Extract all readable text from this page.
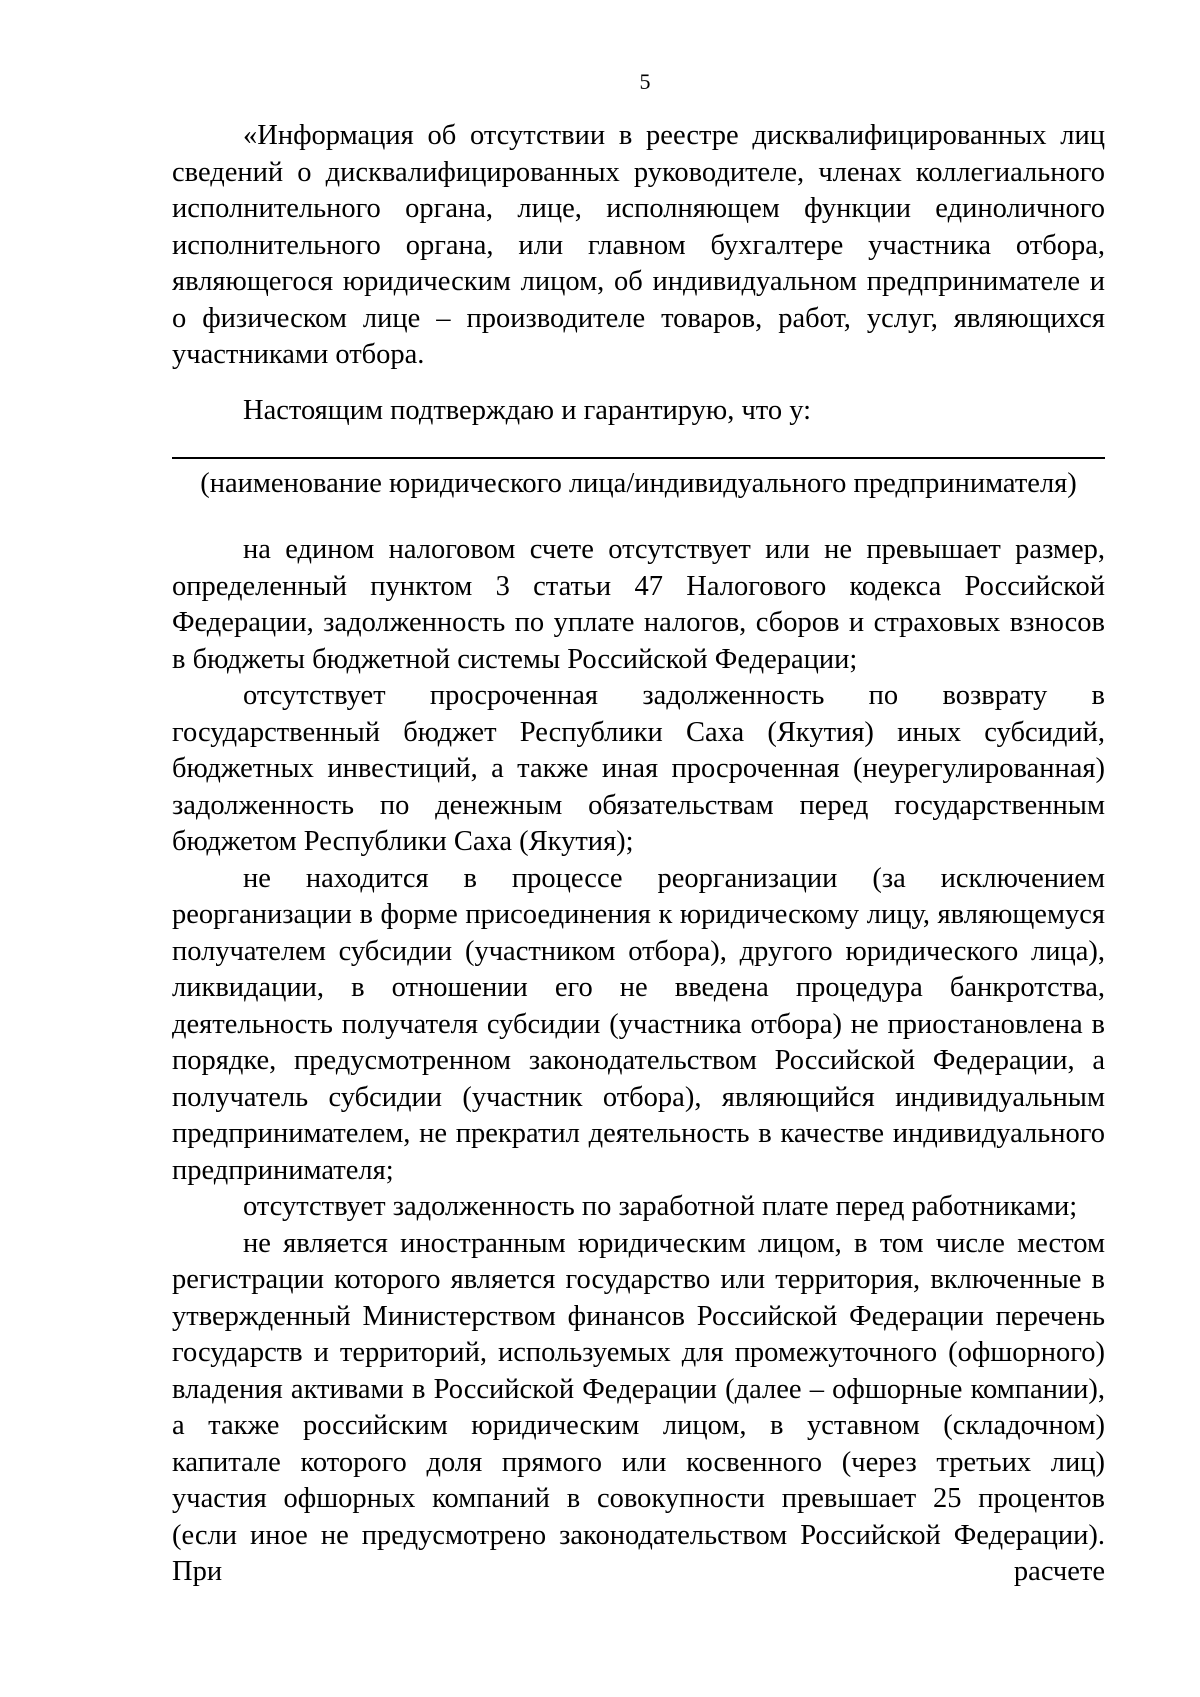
5

«Информация об отсутствии в реестре дисквалифицированных лиц сведений о дисквалифицированных руководителе, членах коллегиального исполнительного органа, лице, исполняющем функции единоличного исполнительного органа, или главном бухгалтере участника отбора, являющегося юридическим лицом, об индивидуальном предпринимателе и о физическом лице – производителе товаров, работ, услуг, являющихся участниками отбора.

Настоящим подтверждаю и гарантирую, что у:
(наименование юридического лица/индивидуального предпринимателя)

на едином налоговом счете отсутствует или не превышает размер, определенный пунктом 3 статьи 47 Налогового кодекса Российской Федерации, задолженность по уплате налогов, сборов и страховых взносов в бюджеты бюджетной системы Российской Федерации;

отсутствует просроченная задолженность по возврату в государственный бюджет Республики Саха (Якутия) иных субсидий, бюджетных инвестиций, а также иная просроченная (неурегулированная) задолженность по денежным обязательствам перед государственным бюджетом Республики Саха (Якутия);

не находится в процессе реорганизации (за исключением реорганизации в форме присоединения к юридическому лицу, являющемуся получателем субсидии (участником отбора), другого юридического лица), ликвидации, в отношении его не введена процедура банкротства, деятельность получателя субсидии (участника отбора) не приостановлена в порядке, предусмотренном законодательством Российской Федерации, а получатель субсидии (участник отбора), являющийся индивидуальным предпринимателем, не прекратил деятельность в качестве индивидуального предпринимателя;

отсутствует задолженность по заработной плате перед работниками;

не является иностранным юридическим лицом, в том числе местом регистрации которого является государство или территория, включенные в утвержденный Министерством финансов Российской Федерации перечень государств и территорий, используемых для промежуточного (офшорного) владения активами в Российской Федерации (далее – офшорные компании), а также российским юридическим лицом, в уставном (складочном) капитале которого доля прямого или косвенного (через третьих лиц) участия офшорных компаний в совокупности превышает 25 процентов (если иное не предусмотрено законодательством Российской Федерации). При расчете
